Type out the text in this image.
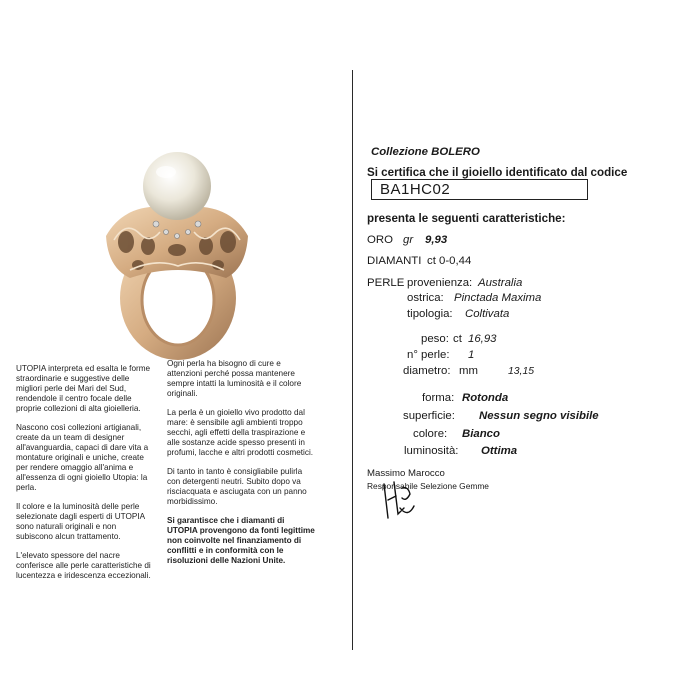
UTOPIA interpreta ed esalta le forme straordinarie e suggestive delle migliori perle dei Mari del Sud, rendendole il centro focale delle proprie collezioni di alta gioielleria.

Nascono così collezioni artigianali, create da un team di designer all'avanguardia, capaci di dare vita a montature originali e uniche, create per rendere omaggio all'anima e all'essenza di ogni gioiello Utopia: la perla.

Il colore e la luminosità delle perle selezionate dagli esperti di UTOPIA sono naturali originali e non subiscono alcun trattamento.

L'elevato spessore del nacre conferisce alle perle caratteristiche di lucentezza e iridescenza eccezionali.

Ogni perla ha bisogno di cure e attenzioni perché possa mantenere sempre intatti la luminosità e il colore originali.

La perla è un gioiello vivo prodotto dal mare: è sensibile agli ambienti troppo secchi, agli effetti della traspirazione e alle sostanze acide spesso presenti in profumi, lacche e altri prodotti cosmetici.

Di tanto in tanto è consigliabile pulirla con detergenti neutri. Subito dopo va risciacquata e asciugata con un panno morbidissimo.

Si garantisce che i diamanti di UTOPIA provengono da fonti legittime non coinvolte nel finanziamento di conflitti e in conformità con le risoluzioni delle Nazioni Unite.

Collezione BOLERO
Si certifica che il gioiello identificato dal codice
BA1HC02
presenta le seguenti caratteristiche:
ORO gr 9,93
DIAMANTI ct 0-0,44
PERLE provenienza: Australia
ostrica: Pinctada Maxima
tipologia: Coltivata
peso: ct 16,93
n° perle: 1
diametro: mm	13,15
forma: Rotonda
superficie: Nessun segno visibile
colore: Bianco
luminosità: Ottima
Massimo Marocco
Responsabile Selezione Gemme
